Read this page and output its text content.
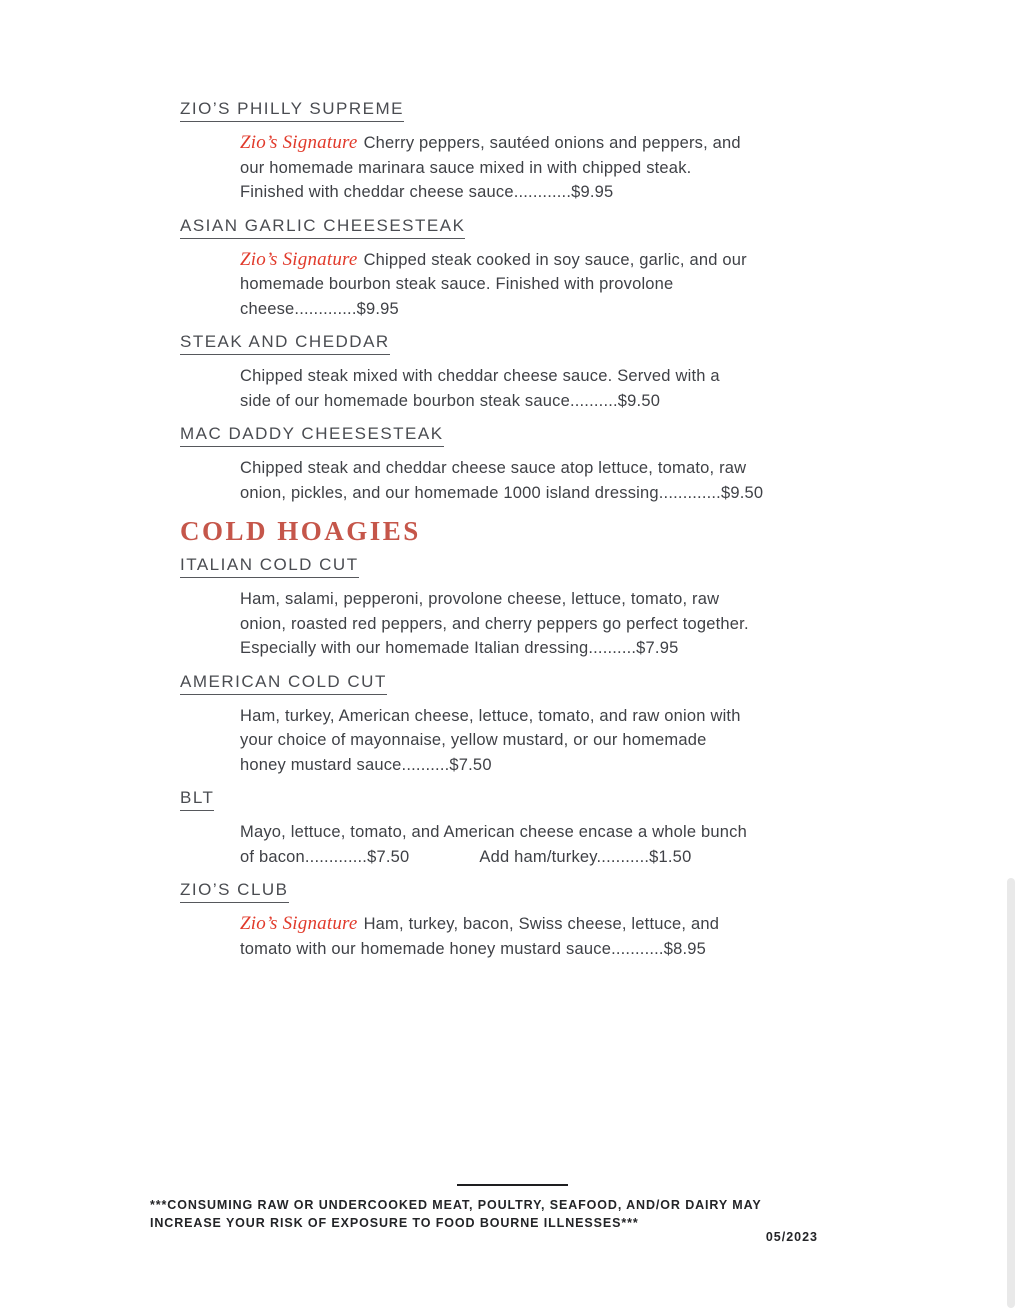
ZIO’S PHILLY SUPREME
Zio’s Signature Cherry peppers, sautéed onions and peppers, and
our homemade marinara sauce mixed in with chipped steak.
Finished with cheddar cheese sauce............$9.95
ASIAN GARLIC CHEESESTEAK
Zio’s Signature Chipped steak cooked in soy sauce, garlic, and our
homemade bourbon steak sauce. Finished with provolone
cheese.............$9.95
STEAK AND CHEDDAR
Chipped steak mixed with cheddar cheese sauce. Served with a
side of our homemade bourbon steak sauce..........$9.50
MAC DADDY CHEESESTEAK
Chipped steak and cheddar cheese sauce atop lettuce, tomato, raw
onion, pickles, and our homemade 1000 island dressing.............$9.50
COLD HOAGIES
ITALIAN COLD CUT
Ham, salami, pepperoni, provolone cheese, lettuce, tomato, raw
onion, roasted red peppers, and cherry peppers go perfect together.
Especially with our homemade Italian dressing..........$7.95
AMERICAN COLD CUT
Ham, turkey, American cheese, lettuce, tomato, and raw onion with
your choice of mayonnaise, yellow mustard, or our homemade
honey mustard sauce..........$7.50
BLT
Mayo, lettuce, tomato, and American cheese encase a whole bunch
of bacon.............$7.50	Add ham/turkey...........$1.50
ZIO’S CLUB
Zio’s Signature Ham, turkey, bacon, Swiss cheese, lettuce, and
tomato with our homemade honey mustard sauce...........$8.95
***CONSUMING RAW OR UNDERCOOKED MEAT, POULTRY, SEAFOOD, AND/OR DAIRY MAY
INCREASE YOUR RISK OF EXPOSURE TO FOOD BOURNE ILLNESSES***
05/2023
